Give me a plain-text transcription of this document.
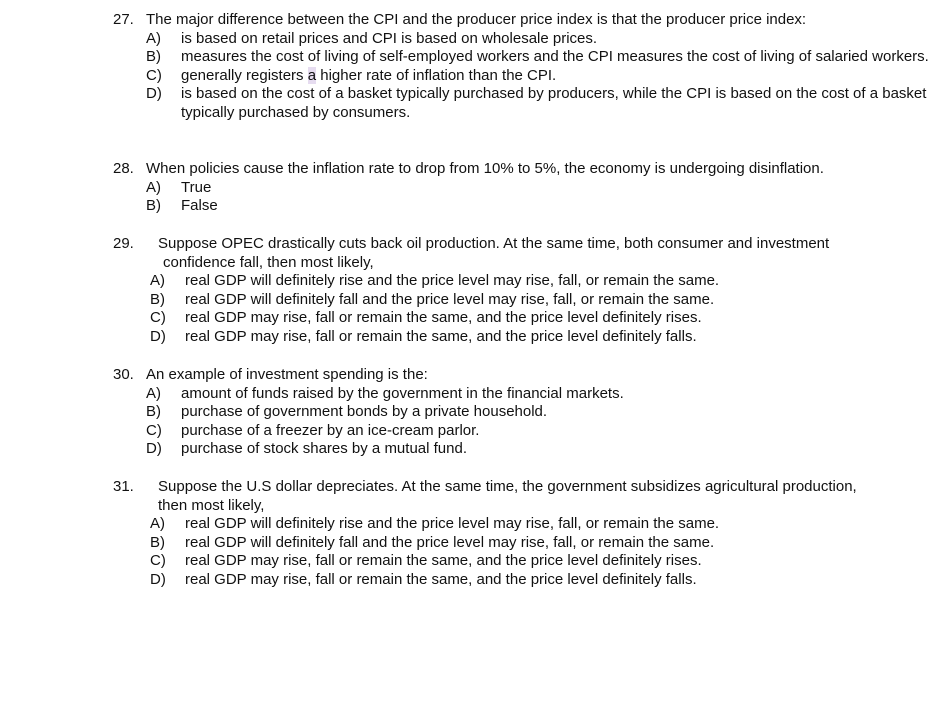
27. The major difference between the CPI and the producer price index is that the producer price index:
A)	is based on retail prices and CPI is based on wholesale prices.
B)	measures the cost of living of self-employed workers and the CPI measures the cost of living of salaried workers.
C)	generally registers a higher rate of inflation than the CPI.
D)	is based on the cost of a basket typically purchased by producers, while the CPI is based on the cost of a basket typically purchased by consumers.
28. When policies cause the inflation rate to drop from 10% to 5%, the economy is undergoing disinflation.
A)	True
B)	False
29.	Suppose OPEC drastically cuts back oil production. At the same time, both consumer and investment
confidence fall, then most likely,
A)	real GDP will definitely rise and the price level may rise, fall, or remain the same.
B)	real GDP will definitely fall and the price level may rise, fall, or remain the same.
C)	real GDP may rise, fall or remain the same, and the price level definitely rises.
D)	real GDP may rise, fall or remain the same, and the price level definitely falls.
30. An example of investment spending is the:
A)	amount of funds raised by the government in the financial markets.
B)	purchase of government bonds by a private household.
C)	purchase of a freezer by an ice-cream parlor.
D)	purchase of stock shares by a mutual fund.
31.	Suppose the U.S dollar depreciates. At the same time, the government subsidizes agricultural production,
then most likely,
A)	real GDP will definitely rise and the price level may rise, fall, or remain the same.
B)	real GDP will definitely fall and the price level may rise, fall, or remain the same.
C)	real GDP may rise, fall or remain the same, and the price level definitely rises.
D)	real GDP may rise, fall or remain the same, and the price level definitely falls.
